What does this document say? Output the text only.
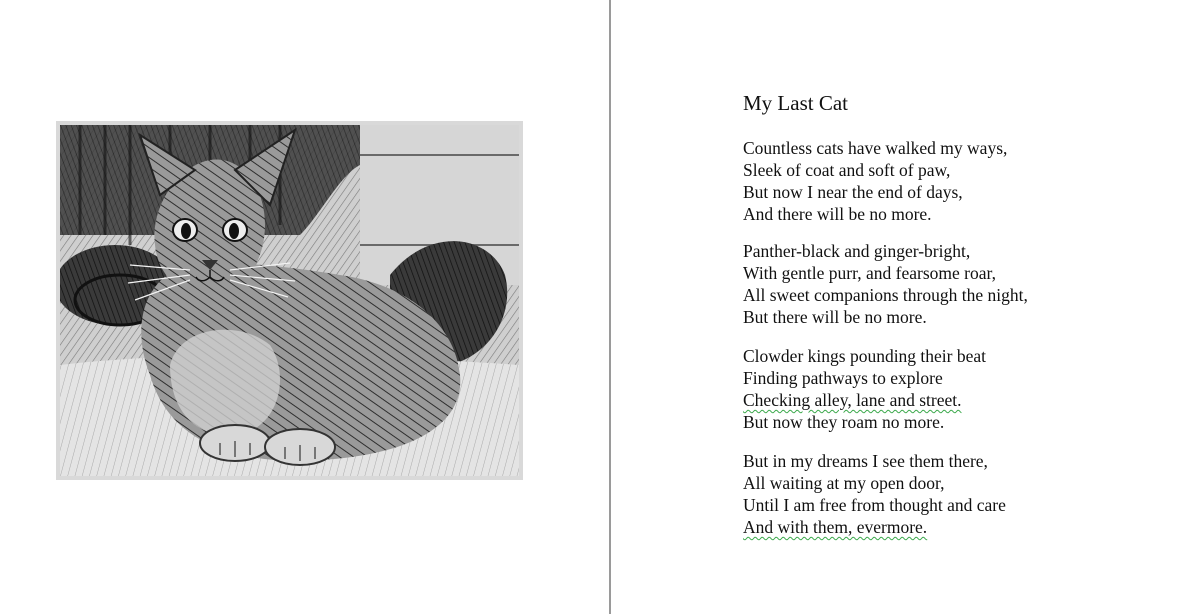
My Last Cat
Countless cats have walked my ways,
Sleek of coat and soft of paw,
But now I near the end of days,
And there will be no more.
Panther-black and ginger-bright,
With gentle purr, and fearsome roar,
All sweet companions through the night,
But there will be no more.
Clowder kings pounding their beat
Finding pathways to explore
Checking alley, lane and street.
But now they roam no more.
But in my dreams I see them there,
All waiting at my open door,
Until I am free from thought and care
And with them, evermore.
